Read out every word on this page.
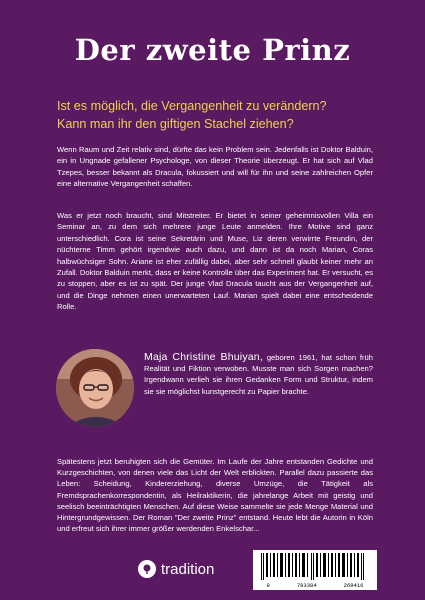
Der zweite Prinz
Ist es möglich, die Vergangenheit zu verändern?
Kann man ihr den giftigen Stachel ziehen?
Wenn Raum und Zeit relativ sind, dürfte das kein Problem sein. Jedenfalls ist Doktor Balduin, ein in Ungnade gefallener Psychologe, von dieser Theorie überzeugt. Er hat sich auf Vlad Tzepes, besser bekannt als Dracula, fokussiert und will für ihn und seine zahlreichen Opfer eine alternative Vergangenheit schaffen.
Was er jetzt noch braucht, sind Mitstreiter. Er bietet in seiner geheimnisvollen Villa ein Seminar an, zu dem sich mehrere junge Leute anmelden. Ihre Motive sind ganz unterschiedlich. Cora ist seine Sekretärin und Muse, Liz deren verwirrte Freundin, der nüchterne Timm gehört irgendwie auch dazu, und dann ist da noch Marian, Coras halbwüchsiger Sohn. Ariane ist eher zufällig dabei, aber sehr schnell glaubt keiner mehr an Zufall. Doktor Balduin merkt, dass er keine Kontrolle über das Experiment hat. Er versucht, es zu stoppen, aber es ist zu spät. Der junge Vlad Dracula taucht aus der Vergangenheit auf, und die Dinge nehmen einen unerwarteten Lauf. Marian spielt dabei eine entscheidende Rolle.
Maja Christine Bhuiyan, geboren 1961, hat schon früh Realität und Fiktion verwoben. Musste man sich Sorgen machen? Irgendwann verlieh sie ihren Gedanken Form und Struktur, indem sie sie möglichst kunstgerecht zu Papier brachte.
Spätestens jetzt beruhigten sich die Gemüter. Im Laufe der Jahre entstanden Gedichte und Kurzgeschichten, von denen viele das Licht der Welt erblickten. Parallel dazu passierte das Leben: Scheidung, Kindererziehung, diverse Umzüge, die Tätigkeit als Fremdsprachenkorrespondentin, als Heilraktikerin, die jahrelange Arbeit mit geistig und seelisch beeinträchtigten Menschen. Auf diese Weise sammelte sie jede Menge Material und Hintergrundgewissen. Der Roman "Der zweite Prinz" entstand. Heute lebt die Autorin in Köln und erfreut sich ihrer immer größer werdenden Enkelschar...
tradition
9	783384	269416
